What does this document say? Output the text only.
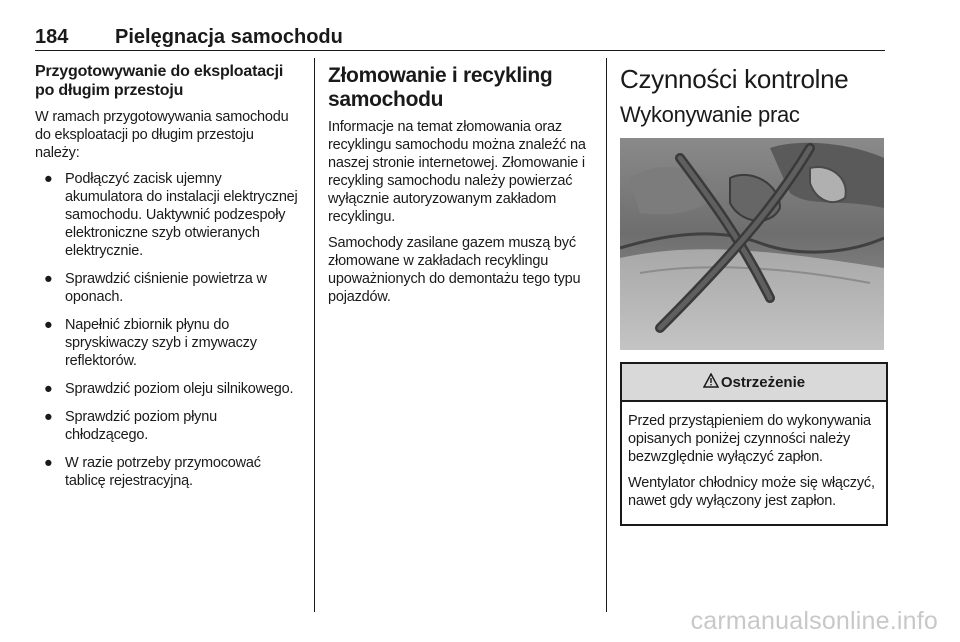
184 Pielęgnacja samochodu
Przygotowywanie do eksploatacji po długim przestoju

W ramach przygotowywania samochodu do eksploatacji po długim przestoju należy:

● Podłączyć zacisk ujemny akumulatora do instalacji elektrycznej samochodu. Uaktywnić podzespoły elektroniczne szyb otwieranych elektrycznie.
● Sprawdzić ciśnienie powietrza w oponach.
● Napełnić zbiornik płynu do spryskiwaczy szyb i zmywaczy reflektorów.
● Sprawdzić poziom oleju silnikowego.
● Sprawdzić poziom płynu chłodzącego.
● W razie potrzeby przymocować tablicę rejestracyjną.
Złomowanie i recykling samochodu

Informacje na temat złomowania oraz recyklingu samochodu można znaleźć na naszej stronie internetowej. Złomowanie i recykling samochodu należy powierzać wyłącznie autoryzowanym zakładom recyklingu.

Samochody zasilane gazem muszą być złomowane w zakładach recyklingu upoważnionych do demontażu tego typu pojazdów.

Czynności kontrolne
Wykonywanie prac
Ostrzeżenie

Przed przystąpieniem do wykonywania opisanych poniżej czynności należy bezwzględnie wyłączyć zapłon.

Wentylator chłodnicy może się włączyć, nawet gdy wyłączony jest zapłon.

carmanualsonline.info
